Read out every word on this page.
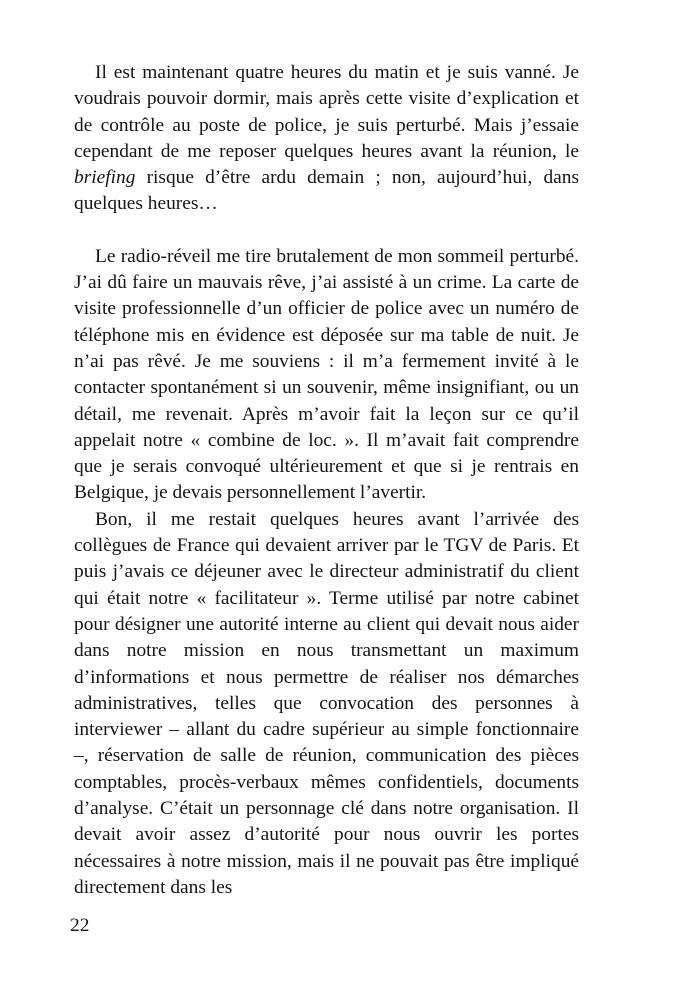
Il est maintenant quatre heures du matin et je suis vanné. Je voudrais pouvoir dormir, mais après cette visite d’explication et de contrôle au poste de police, je suis perturbé. Mais j’essaie cependant de me reposer quelques heures avant la réunion, le briefing risque d’être ardu demain ; non, aujourd’hui, dans quelques heures…

Le radio-réveil me tire brutalement de mon sommeil perturbé. J’ai dû faire un mauvais rêve, j’ai assisté à un crime. La carte de visite professionnelle d’un officier de police avec un numéro de téléphone mis en évidence est déposée sur ma table de nuit. Je n’ai pas rêvé. Je me souviens : il m’a fermement invité à le contacter spontanément si un souvenir, même insignifiant, ou un détail, me revenait. Après m’avoir fait la leçon sur ce qu’il appelait notre « combine de loc. ». Il m’avait fait comprendre que je serais convoqué ultérieurement et que si je rentrais en Belgique, je devais personnellement l’avertir.

Bon, il me restait quelques heures avant l’arrivée des collègues de France qui devaient arriver par le TGV de Paris. Et puis j’avais ce déjeuner avec le directeur administratif du client qui était notre « facilitateur ». Terme utilisé par notre cabinet pour désigner une autorité interne au client qui devait nous aider dans notre mission en nous transmettant un maximum d’informations et nous permettre de réaliser nos démarches administratives, telles que convocation des personnes à interviewer – allant du cadre supérieur au simple fonctionnaire –, réservation de salle de réunion, communication des pièces comptables, procès-verbaux mêmes confidentiels, documents d’analyse. C’était un personnage clé dans notre organisation. Il devait avoir assez d’autorité pour nous ouvrir les portes nécessaires à notre mission, mais il ne pouvait pas être impliqué directement dans les

22
